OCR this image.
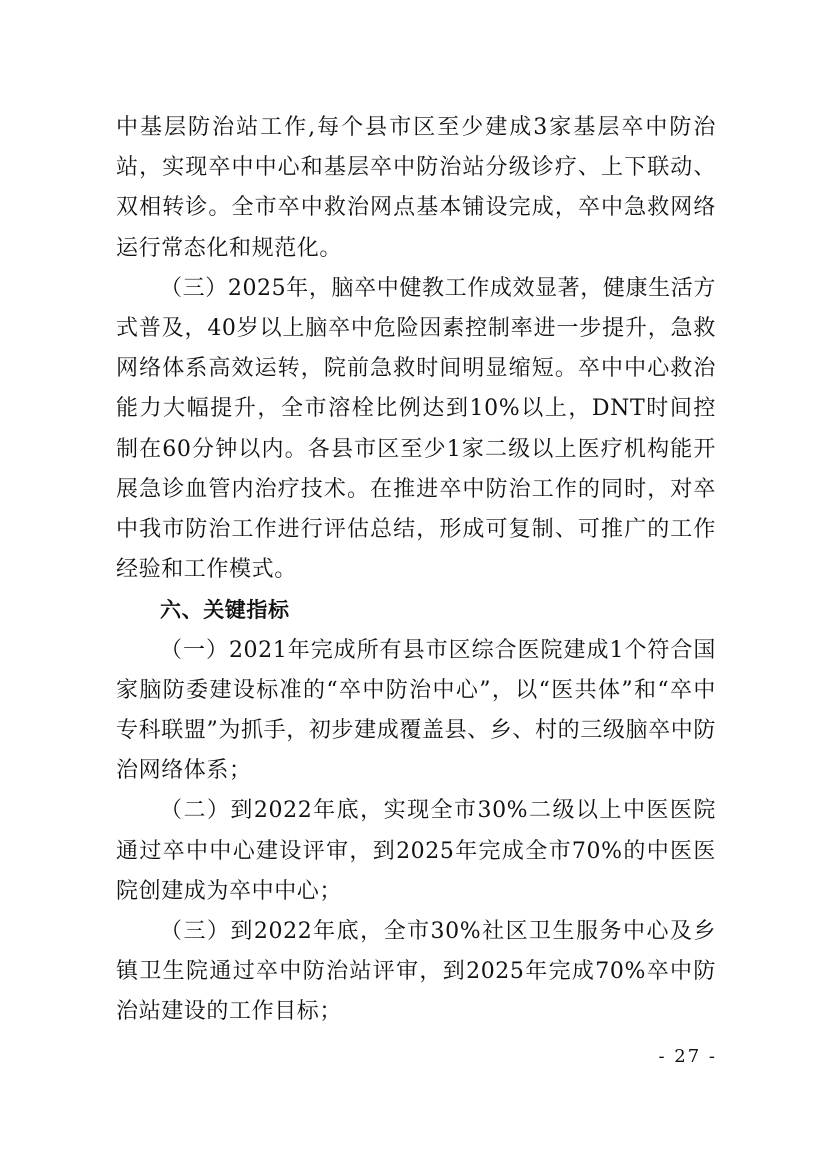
中基层防治站工作,每个县市区至少建成3家基层卒中防治站，实现卒中中心和基层卒中防治站分级诊疗、上下联动、双相转诊。全市卒中救治网点基本铺设完成，卒中急救网络运行常态化和规范化。

（三）2025年，脑卒中健教工作成效显著，健康生活方式普及，40岁以上脑卒中危险因素控制率进一步提升，急救网络体系高效运转，院前急救时间明显缩短。卒中中心救治能力大幅提升，全市溶栓比例达到10%以上，DNT时间控制在60分钟以内。各县市区至少1家二级以上医疗机构能开展急诊血管内治疗技术。在推进卒中防治工作的同时，对卒中我市防治工作进行评估总结，形成可复制、可推广的工作经验和工作模式。

六、关键指标

（一）2021年完成所有县市区综合医院建成1个符合国家脑防委建设标准的“卒中防治中心”，以“医共体”和“卒中专科联盟”为抓手，初步建成覆盖县、乡、村的三级脑卒中防治网络体系；

（二）到2022年底，实现全市30%二级以上中医医院通过卒中中心建设评审，到2025年完成全市70%的中医医院创建成为卒中中心；

（三）到2022年底，全市30%社区卫生服务中心及乡镇卫生院通过卒中防治站评审，到2025年完成70%卒中防治站建设的工作目标；

- 27 -
